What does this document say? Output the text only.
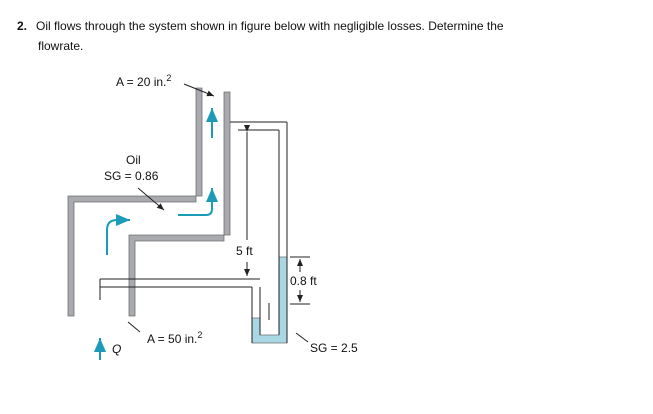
2. Oil flows through the system shown in figure below with negligible losses. Determine the
flowrate.
5 ft
0.8 ft
A = 20 in.$^2$
Oil
SG = 0.86
A = 50 in.$^2$
Q	SG = 2.5
